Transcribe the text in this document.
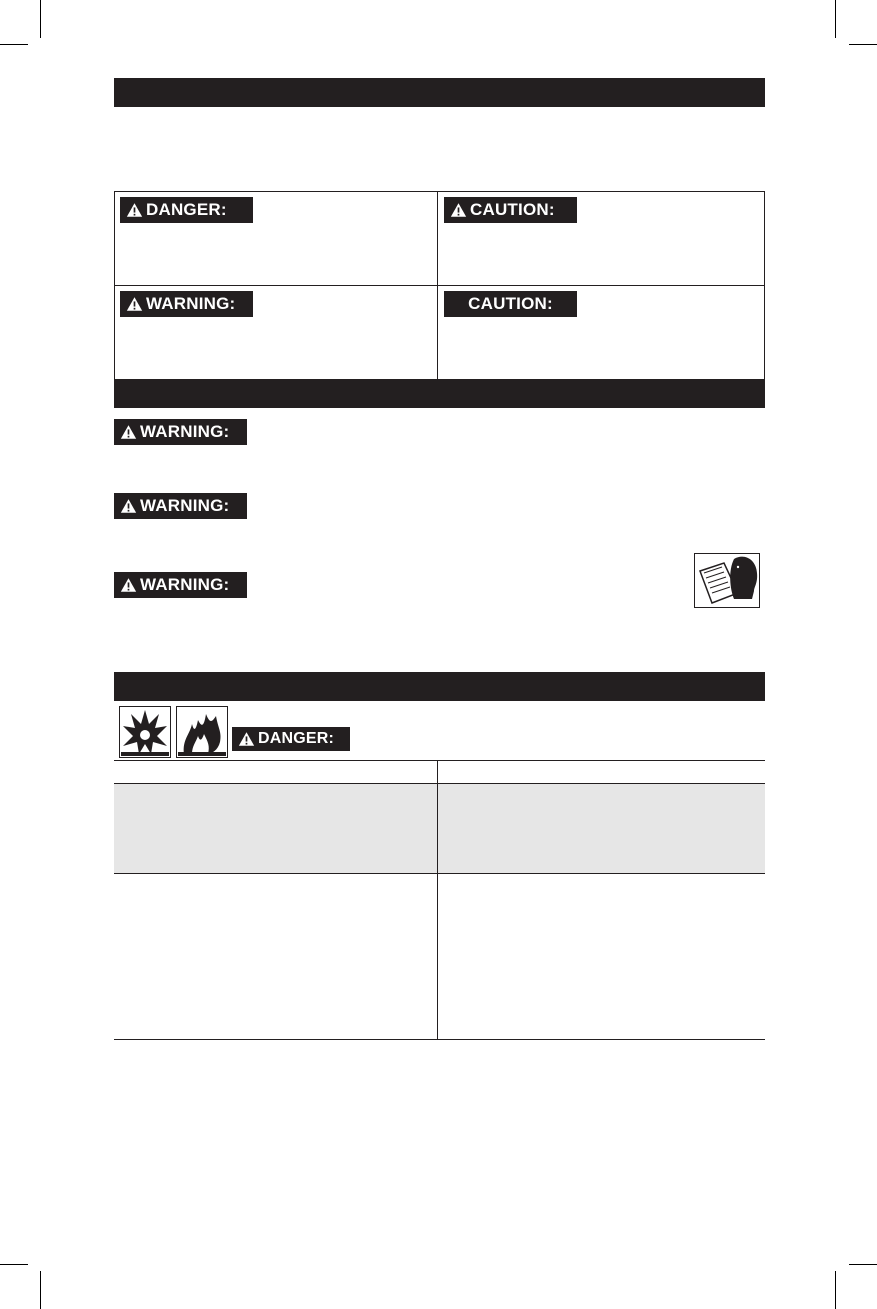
DANGER:	CAUTION:
WARNING:	CAUTION:
WARNING:
WARNING:
WARNING:
DANGER:
